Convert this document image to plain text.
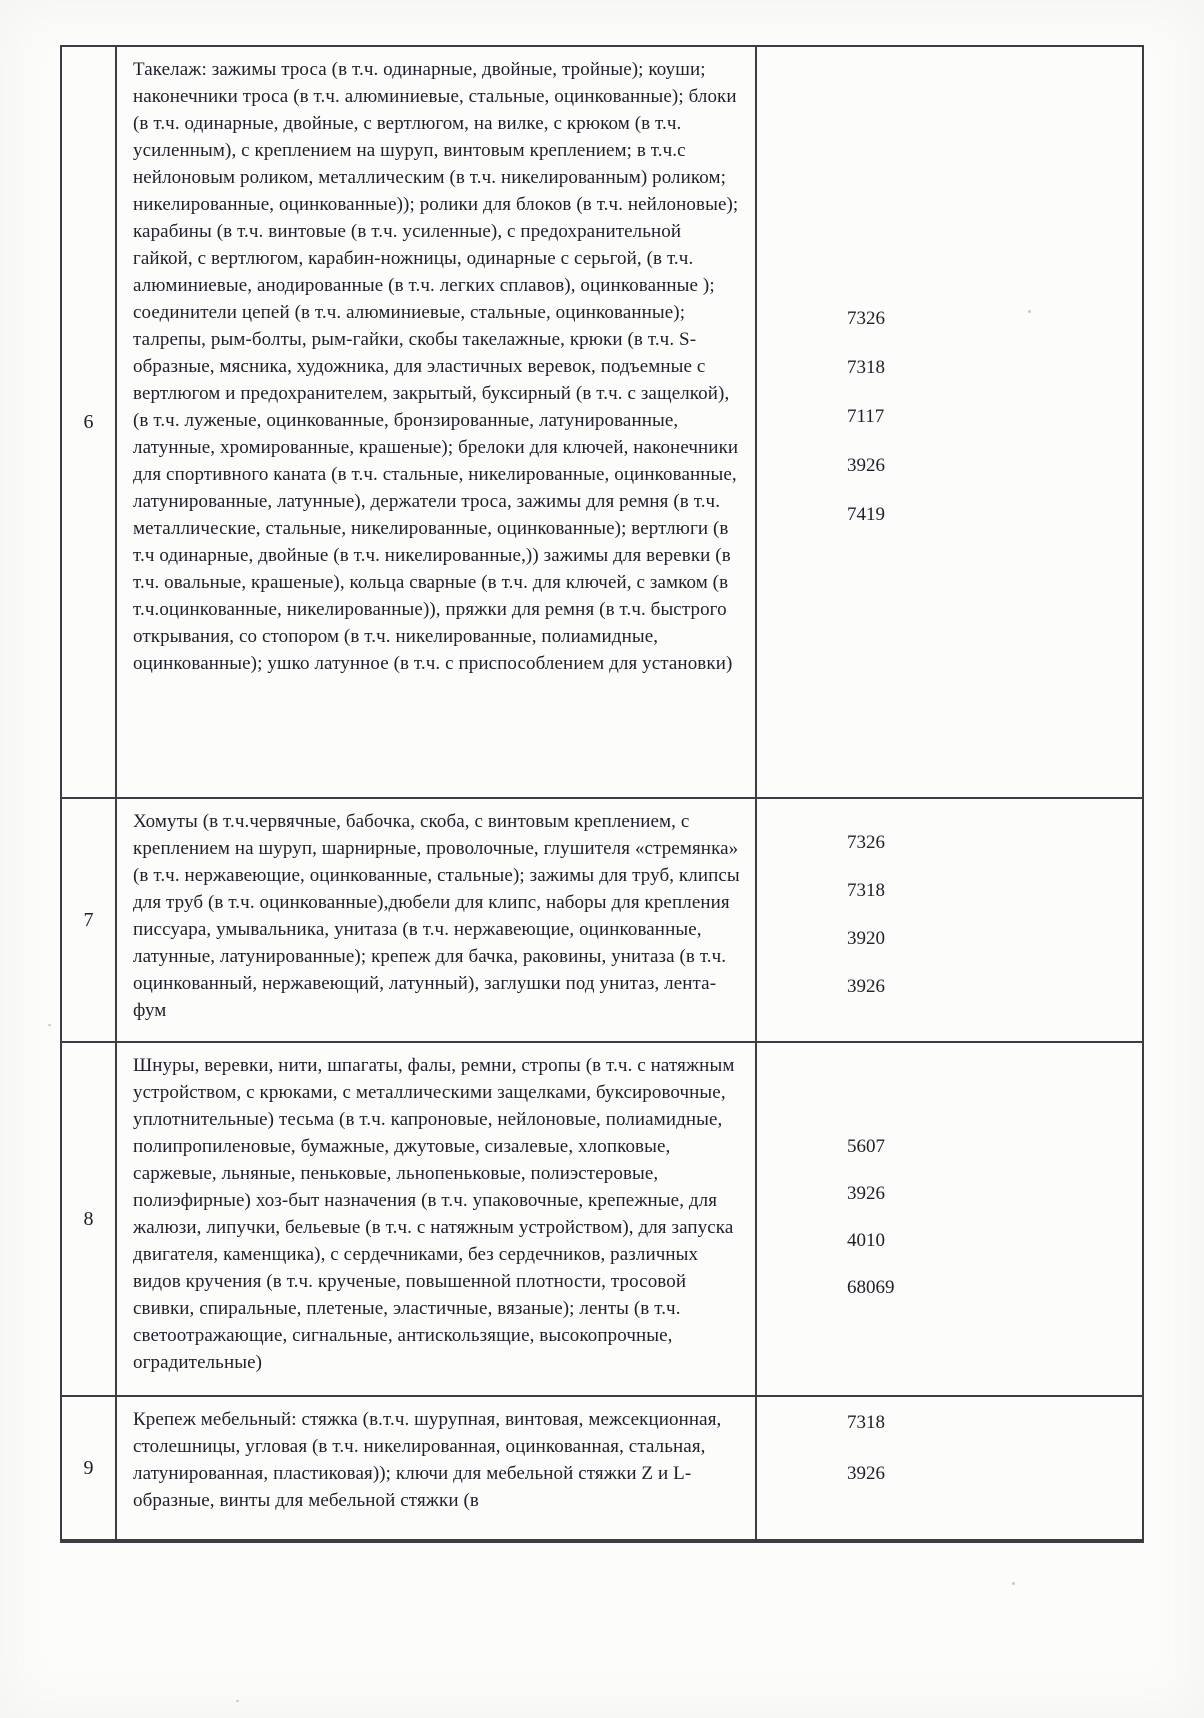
6
Такелаж: зажимы троса (в т.ч. одинарные, двойные, тройные); коуши; наконечники троса (в т.ч. алюминиевые, стальные, оцинкованные); блоки (в т.ч. одинарные, двойные, с вертлюгом, на вилке, с крюком (в т.ч. усиленным), с креплением на шуруп, винтовым креплением; в т.ч.с нейлоновым роликом, металлическим (в т.ч. никелированным) роликом; никелированные, оцинкованные)); ролики для блоков (в т.ч. нейлоновые); карабины (в т.ч. винтовые (в т.ч. усиленные), с предохранительной гайкой, с вертлюгом, карабин-ножницы, одинарные с серьгой, (в т.ч. алюминиевые, анодированные (в т.ч. легких сплавов), оцинкованные ); соединители цепей (в т.ч. алюминиевые, стальные, оцинкованные); талрепы, рым-болты, рым-гайки, скобы такелажные, крюки (в т.ч. S-образные, мясника, художника, для эластичных веревок, подъемные с вертлюгом и предохранителем, закрытый, буксирный (в т.ч. с защелкой), (в т.ч. луженые, оцинкованные, бронзированные, латунированные, латунные, хромированные, крашеные); брелоки для ключей, наконечники для спортивного каната (в т.ч. стальные, никелированные, оцинкованные, латунированные, латунные), держатели троса, зажимы для ремня (в т.ч. металлические, стальные, никелированные, оцинкованные); вертлюги (в т.ч одинарные, двойные (в т.ч. никелированные,)) зажимы для веревки (в т.ч. овальные, крашеные), кольца сварные (в т.ч. для ключей, с замком (в т.ч.оцинкованные, никелированные)), пряжки для ремня (в т.ч. быстрого открывания, со стопором (в т.ч. никелированные, полиамидные, оцинкованные); ушко латунное (в т.ч. с приспособлением для установки)
7326
7318
7117
3926
7419
7
Хомуты (в т.ч.червячные, бабочка, скоба, с винтовым креплением, с креплением на шуруп, шарнирные, проволочные, глушителя «стремянка» (в т.ч. нержавеющие, оцинкованные, стальные); зажимы для труб, клипсы для труб (в т.ч. оцинкованные),дюбели для клипс, наборы для крепления писсуара, умывальника, унитаза (в т.ч. нержавеющие, оцинкованные, латунные, латунированные); крепеж для бачка, раковины, унитаза (в т.ч. оцинкованный, нержавеющий, латунный), заглушки под унитаз, лента-фум
7326
7318
3920
3926
8
Шнуры, веревки, нити, шпагаты, фалы, ремни, стропы (в т.ч. с натяжным устройством, с крюками, с металлическими защелками, буксировочные, уплотнительные) тесьма (в т.ч. капроновые, нейлоновые, полиамидные, полипропиленовые, бумажные, джутовые, сизалевые, хлопковые, саржевые, льняные, пеньковые, льнопеньковые, полиэстеровые, полиэфирные) хоз-быт назначения (в т.ч. упаковочные, крепежные, для жалюзи, липучки, бельевые (в т.ч. с натяжным устройством), для запуска двигателя, каменщика), с сердечниками, без сердечников, различных видов кручения (в т.ч. крученые, повышенной плотности, тросовой свивки, спиральные, плетеные, эластичные, вязаные); ленты (в т.ч. светоотражающие, сигнальные, антискользящие, высокопрочные, оградительные)
5607
3926
4010
68069
9
Крепеж мебельный: стяжка (в.т.ч. шурупная, винтовая, межсекционная, столешницы, угловая (в т.ч. никелированная, оцинкованная, стальная, латунированная, пластиковая)); ключи для мебельной стяжки Z и L-образные, винты для мебельной стяжки (в
7318
3926
